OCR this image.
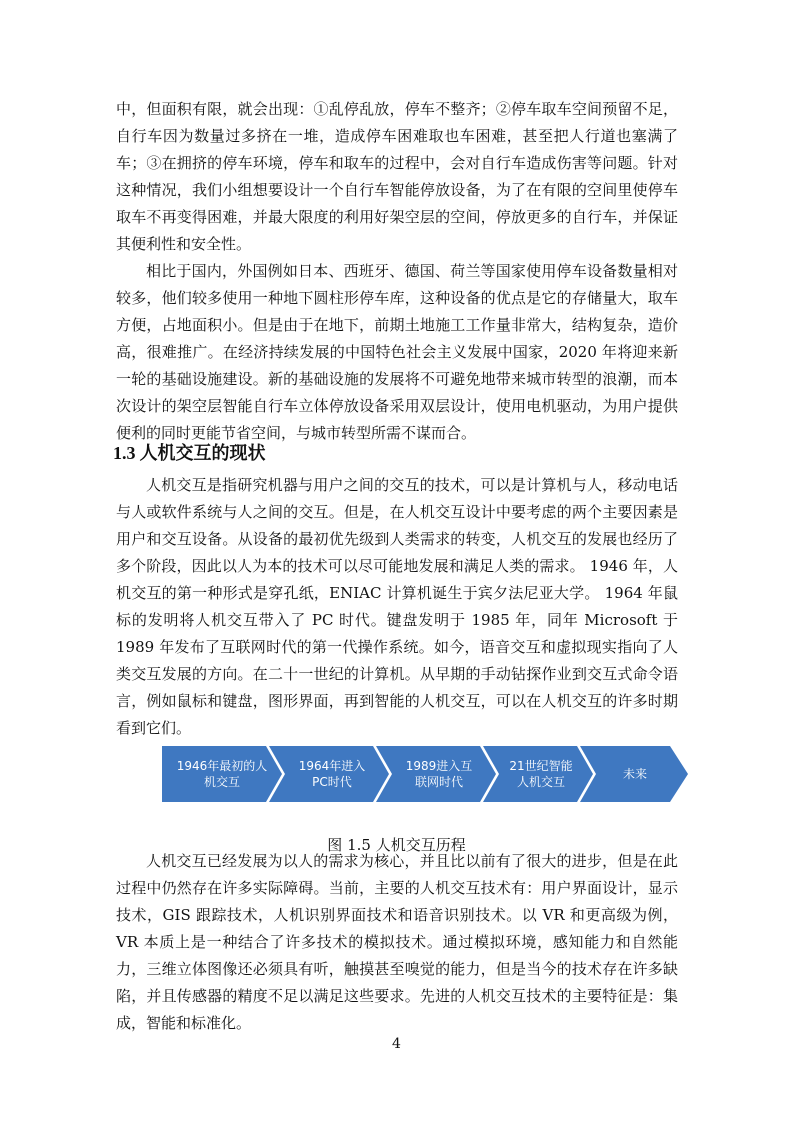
中，但面积有限，就会出现：①乱停乱放，停车不整齐；②停车取车空间预留不足，自行车因为数量过多挤在一堆，造成停车困难取也车困难，甚至把人行道也塞满了车；③在拥挤的停车环境，停车和取车的过程中，会对自行车造成伤害等问题。针对这种情况，我们小组想要设计一个自行车智能停放设备，为了在有限的空间里使停车取车不再变得困难，并最大限度的利用好架空层的空间，停放更多的自行车，并保证其便利性和安全性。

相比于国内，外国例如日本、西班牙、德国、荷兰等国家使用停车设备数量相对较多，他们较多使用一种地下圆柱形停车库，这种设备的优点是它的存储量大，取车方便，占地面积小。但是由于在地下，前期土地施工工作量非常大，结构复杂，造价高，很难推广。在经济持续发展的中国特色社会主义发展中国家，2020 年将迎来新一轮的基础设施建设。新的基础设施的发展将不可避免地带来城市转型的浪潮，而本次设计的架空层智能自行车立体停放设备采用双层设计，使用电机驱动，为用户提供便利的同时更能节省空间，与城市转型所需不谋而合。

1.3 人机交互的现状

人机交互是指研究机器与用户之间的交互的技术，可以是计算机与人，移动电话与人或软件系统与人之间的交互。但是，在人机交互设计中要考虑的两个主要因素是用户和交互设备。从设备的最初优先级到人类需求的转变，人机交互的发展也经历了多个阶段，因此以人为本的技术可以尽可能地发展和满足人类的需求。 1946 年，人机交互的第一种形式是穿孔纸，ENIAC 计算机诞生于宾夕法尼亚大学。 1964 年鼠标的发明将人机交互带入了 PC 时代。键盘发明于 1985 年，同年 Microsoft 于 1989 年发布了互联网时代的第一代操作系统。如今，语音交互和虚拟现实指向了人类交互发展的方向。在二十一世纪的计算机。从早期的手动钻探作业到交互式命令语言，例如鼠标和键盘，图形界面，再到智能的人机交互，可以在人机交互的许多时期看到它们。

1946年最初的人
机交互
1964年进入
PC时代
1989进入互
联网时代
21世纪智能
人机交互
未来

图 1.5 人机交互历程

人机交互已经发展为以人的需求为核心，并且比以前有了很大的进步，但是在此过程中仍然存在许多实际障碍。当前，主要的人机交互技术有：用户界面设计，显示技术，GIS 跟踪技术，人机识别界面技术和语音识别技术。以 VR 和更高级为例，VR 本质上是一种结合了许多技术的模拟技术。通过模拟环境，感知能力和自然能力，三维立体图像还必须具有听，触摸甚至嗅觉的能力，但是当今的技术存在许多缺陷，并且传感器的精度不足以满足这些要求。先进的人机交互技术的主要特征是：集成，智能和标准化。

4
